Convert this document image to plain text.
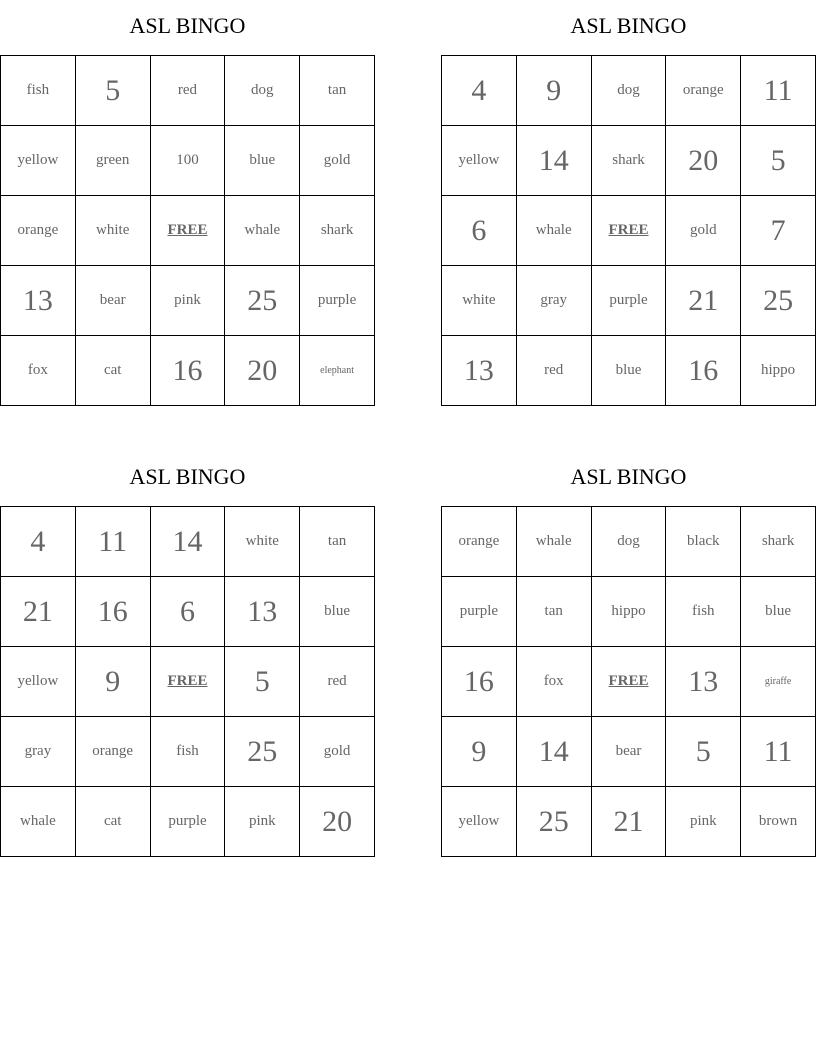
ASL BINGO
fish	5	red	dog	tan
yellow	green	100	blue	gold
orange	white	FREE	whale	shark
13	bear	pink	25	purple
fox	cat	16	20	elephant
ASL BINGO
4	9	dog	orange	11
yellow	14	shark	20	5
6	whale	FREE	gold	7
white	gray	purple	21	25
13	red	blue	16	hippo
ASL BINGO
4	11	14	white	tan
21	16	6	13	blue
yellow	9	FREE	5	red
gray	orange	fish	25	gold
whale	cat	purple	pink	20
ASL BINGO
orange	whale	dog	black	shark
purple	tan	hippo	fish	blue
16	fox	FREE	13	giraffe
9	14	bear	5	11
yellow	25	21	pink	brown
